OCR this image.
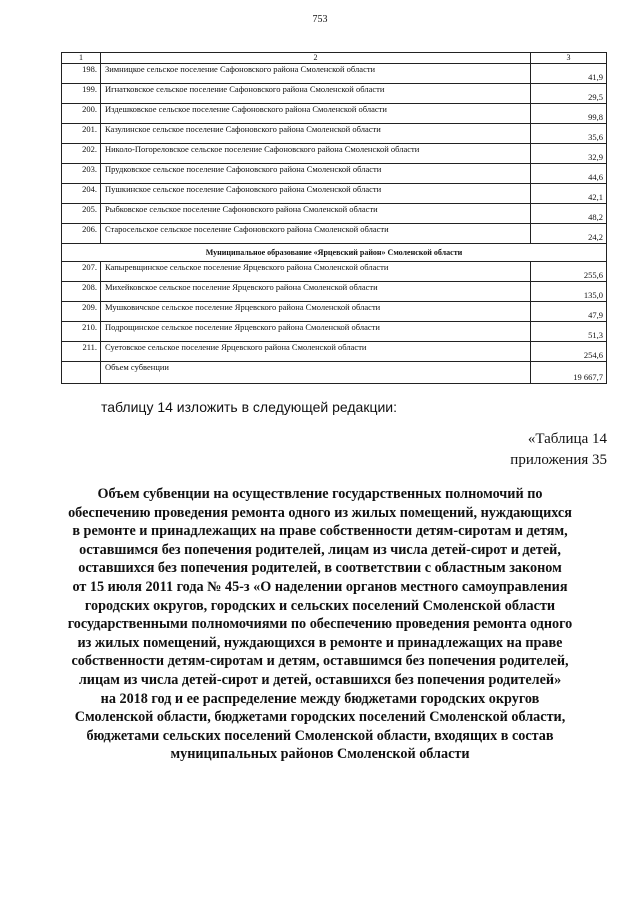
753
1	2	3
198.	Зимницкое сельское поселение Сафоновского района Смоленской области	41,9
199.	Игнатковское сельское поселение Сафоновского района Смоленской области	29,5
200.	Издешковское сельское поселение Сафоновского района Смоленской области	99,8
201.	Казулинское сельское поселение Сафоновского района Смоленской области	35,6
202.	Николо-Погореловское сельское поселение Сафоновского района Смоленской области	32,9
203.	Прудковское сельское поселение Сафоновского района Смоленской области	44,6
204.	Пушкинское сельское поселение Сафоновского района Смоленской области	42,1
205.	Рыбковское сельское поселение Сафоновского района Смоленской области	48,2
206.	Старосельское сельское поселение Сафоновского района Смоленской области	24,2
Муниципальное образование «Ярцевский район» Смоленской области		
207.	Капыревщинское сельское поселение Ярцевского района Смоленской области	255,6
208.	Михейковское сельское поселение Ярцевского района Смоленской области	135,0
209.	Мушковичское сельское поселение Ярцевского района Смоленской области	47,9
210.	Подрощинское сельское поселение Ярцевского района Смоленской области	51,3
211.	Суетовское сельское поселение Ярцевского района Смоленской области	254,6
	Объем субвенции	19 667,7
таблицу 14 изложить в следующей редакции:
«Таблица 14
приложения 35
Объем субвенции на осуществление государственных полномочий по
обеспечению проведения ремонта одного из жилых помещений, нуждающихся
в ремонте и принадлежащих на праве собственности детям-сиротам и детям,
оставшимся без попечения родителей, лицам из числа детей-сирот и детей,
оставшихся без попечения родителей, в соответствии с областным законом
от 15 июля 2011 года № 45-з «О наделении органов местного самоуправления
городских округов, городских и сельских поселений Смоленской области
государственными полномочиями по обеспечению проведения ремонта одного
из жилых помещений, нуждающихся в ремонте и принадлежащих на праве
собственности детям-сиротам и детям, оставшимся без попечения родителей,
лицам из числа детей-сирот и детей, оставшихся без попечения родителей»
на 2018 год и ее распределение между бюджетами городских округов
Смоленской области, бюджетами городских поселений Смоленской области,
бюджетами сельских поселений Смоленской области, входящих в состав
муниципальных районов Смоленской области
